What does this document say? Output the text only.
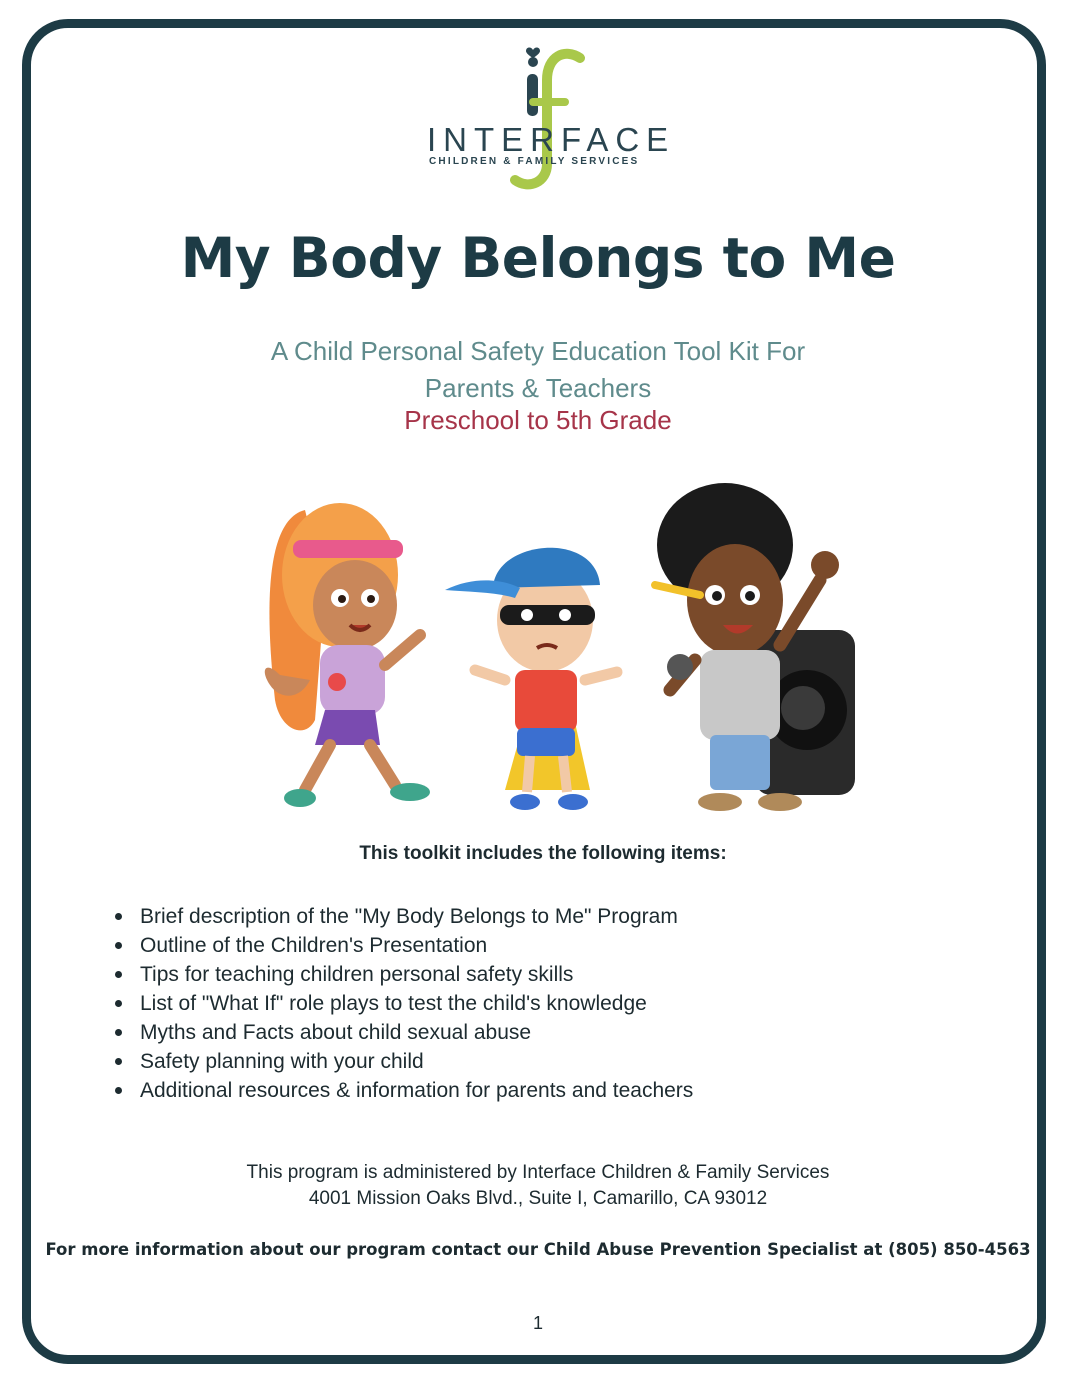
INTERFACE
CHILDREN & FAMILY SERVICES
My Body Belongs to Me
A Child Personal Safety Education Tool Kit For
Parents & Teachers
Preschool to 5th Grade
This toolkit includes the following items:
Brief description of the "My Body Belongs to Me" Program
Outline of the Children's Presentation
Tips for teaching children personal safety skills
List of "What If" role plays to test the child's knowledge
Myths and Facts about child sexual abuse
Safety planning with your child
Additional resources & information for parents and teachers
This program is administered by Interface Children & Family Services
4001 Mission Oaks Blvd., Suite I, Camarillo, CA 93012
For more information about our program contact our Child Abuse Prevention Specialist at (805) 850-4563
1
